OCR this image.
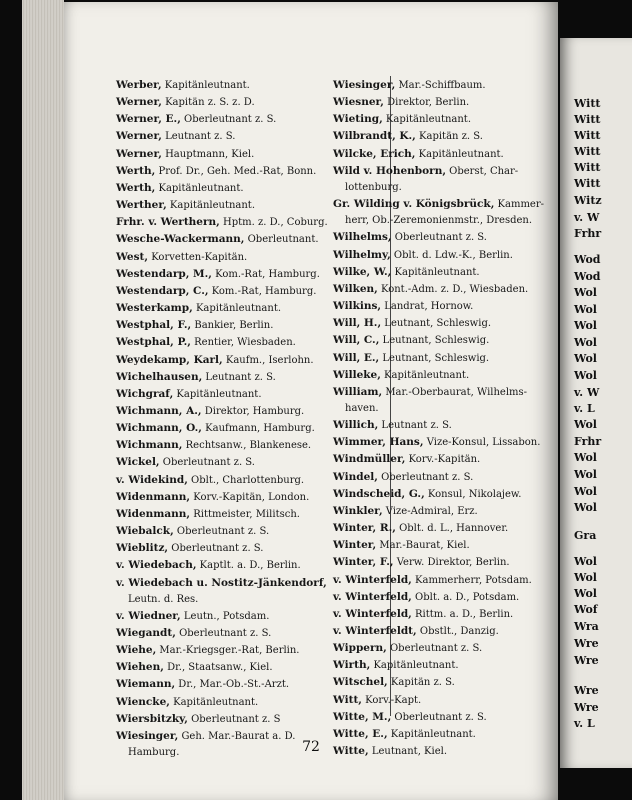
72
Werber, Kapitänleutnant.
Werner, Kapitän z. S. z. D.
Werner, E., Oberleutnant z. S.
Werner, Leutnant z. S.
Werner, Hauptmann, Kiel.
Werth, Prof. Dr., Geh. Med.-Rat, Bonn.
Werth, Kapitänleutnant.
Werther, Kapitänleutnant.
Frhr. v. Werthern, Hptm. z. D., Coburg.
Wesche-Wackermann, Oberleutnant.
West, Korvetten-Kapitän.
Westendarp, M., Kom.-Rat, Hamburg.
Westendarp, C., Kom.-Rat, Hamburg.
Westerkamp, Kapitänleutnant.
Westphal, F., Bankier, Berlin.
Westphal, P., Rentier, Wiesbaden.
Weydekamp, Karl, Kaufm., Iserlohn.
Wichelhausen, Leutnant z. S.
Wichgraf, Kapitänleutnant.
Wichmann, A., Direktor, Hamburg.
Wichmann, O., Kaufmann, Hamburg.
Wichmann, Rechtsanw., Blankenese.
Wickel, Oberleutnant z. S.
v. Widekind, Oblt., Charlottenburg.
Widenmann, Korv.-Kapitän, London.
Widenmann, Rittmeister, Militsch.
Wiebalck, Oberleutnant z. S.
Wieblitz, Oberleutnant z. S.
v. Wiedebach, Kaptlt. a. D., Berlin.
v. Wiedebach u. Nostitz-Jänkendorf,
Leutn. d. Res.
v. Wiedner, Leutn., Potsdam.
Wiegandt, Oberleutnant z. S.
Wiehe, Mar.-Kriegsger.-Rat, Berlin.
Wiehen, Dr., Staatsanw., Kiel.
Wiemann, Dr., Mar.-Ob.-St.-Arzt.
Wiencke, Kapitänleutnant.
Wiersbitzky, Oberleutnant z. S
Wiesinger, Geh. Mar.-Baurat a. D.
Hamburg.
Wiesinger, Mar.-Schiffbaum.
Wiesner, Direktor, Berlin.
Wieting, Kapitänleutnant.
Wilbrandt, K., Kapitän z. S.
Wilcke, Erich, Kapitänleutnant.
Wild v. Hohenborn, Oberst, Char-
lottenburg.
Gr. Wilding v. Königsbrück, Kammer-
herr, Ob.-Zeremonienmstr., Dresden.
Wilhelms, Oberleutnant z. S.
Wilhelmy, Oblt. d. Ldw.-K., Berlin.
Wilke, W., Kapitänleutnant.
Wilken, Kont.-Adm. z. D., Wiesbaden.
Wilkins, Landrat, Hornow.
Will, H., Leutnant, Schleswig.
Will, C., Leutnant, Schleswig.
Will, E., Leutnant, Schleswig.
Willeke, Kapitänleutnant.
William, Mar.-Oberbaurat, Wilhelms-
haven.
Willich, Leutnant z. S.
Wimmer, Hans, Vize-Konsul, Lissabon.
Windmüller, Korv.-Kapitän.
Windel, Oberleutnant z. S.
Windscheid, G., Konsul, Nikolajew.
Winkler, Vize-Admiral, Erz.
Winter, R., Oblt. d. L., Hannover.
Winter, Mar.-Baurat, Kiel.
Winter, F., Verw. Direktor, Berlin.
v. Winterfeld, Kammerherr, Potsdam.
v. Winterfeld, Oblt. a. D., Potsdam.
v. Winterfeld, Rittm. a. D., Berlin.
v. Winterfeldt, Obstlt., Danzig.
Wippern, Oberleutnant z. S.
Wirth, Kapitänleutnant.
Witschel, Kapitän z. S.
Witt, Korv.-Kapt.
Witte, M., Oberleutnant z. S.
Witte, E., Kapitänleutnant.
Witte, Leutnant, Kiel.
Witt
Witt
Witt
Witt
Witt
Witt
Witz
v. W
Frhr
Wod
Wod
Wol
Wol
Wol
Wol
Wol
Wol
v. W
v. L
Wol
Frhr
Wol
Wol
Wol
Wol
Gra
Wol
Wol
Wol
Wof
Wra
Wre
Wre
Wre
Wre
v. L
